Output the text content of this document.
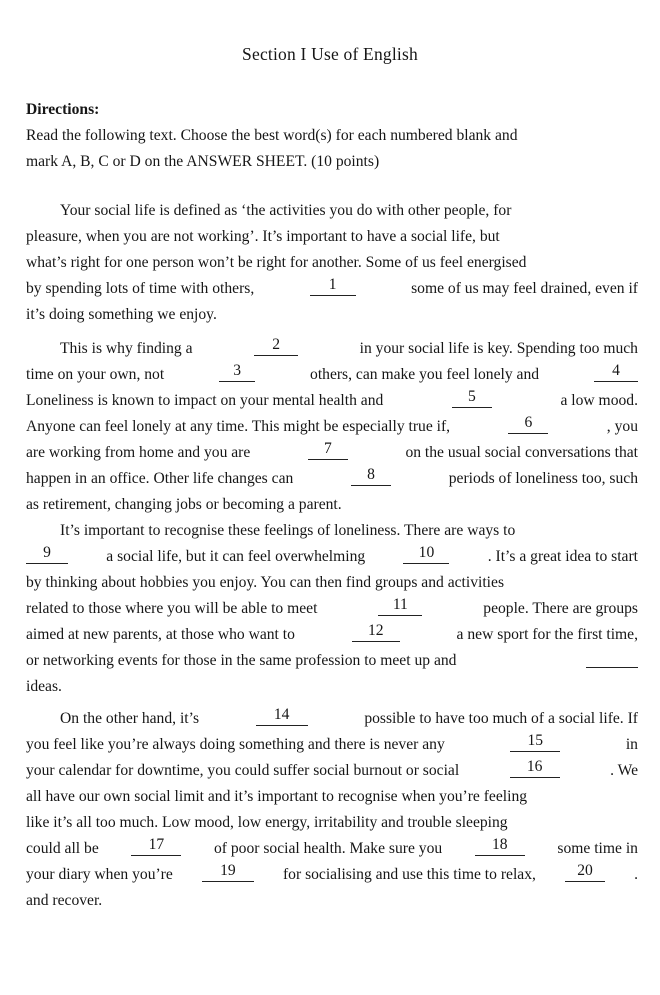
Section I Use of English
Directions:
Read the following text. Choose the best word(s) for each numbered blank and
mark A, B, C or D on the ANSWER SHEET. (10 points)
Your social life is defined as ‘the activities you do with other people, for
pleasure, when you are not working’. It’s important to have a social life, but
what’s right for one person won’t be right for another. Some of us feel energised
by spending lots of time with others,	1	some of us may feel drained, even if
it’s doing something we enjoy.
This is why finding a	2	in your social life is key. Spending too much
time on your own, not	3	others, can make you feel lonely and	4
Loneliness is known to impact on your mental health and	5	a low mood.
Anyone can feel lonely at any time. This might be especially true if,	6	, you
are working from home and you are	7	on the usual social conversations that
happen in an office. Other life changes can	8	periods of loneliness too, such
as retirement, changing jobs or becoming a parent.
It’s important to recognise these feelings of loneliness. There are ways to
9	a social life, but it can feel overwhelming	10	. It’s a great idea to start
by thinking about hobbies you enjoy. You can then find groups and activities
related to those where you will be able to meet	11	people. There are groups
aimed at new parents, at those who want to	12	a new sport for the first time,
or networking events for those in the same profession to meet up and
ideas.
On the other hand, it’s	14	possible to have too much of a social life. If
you feel like you’re always doing something and there is never any	15	in
your calendar for downtime, you could suffer social burnout or social	16	. We
all have our own social limit and it’s important to recognise when you’re feeling
like it’s all too much. Low mood, low energy, irritability and trouble sleeping
could all be	17	of poor social health. Make sure you	18	some time in
your diary when you’re	19	for socialising and use this time to relax,	20	.
and recover.
